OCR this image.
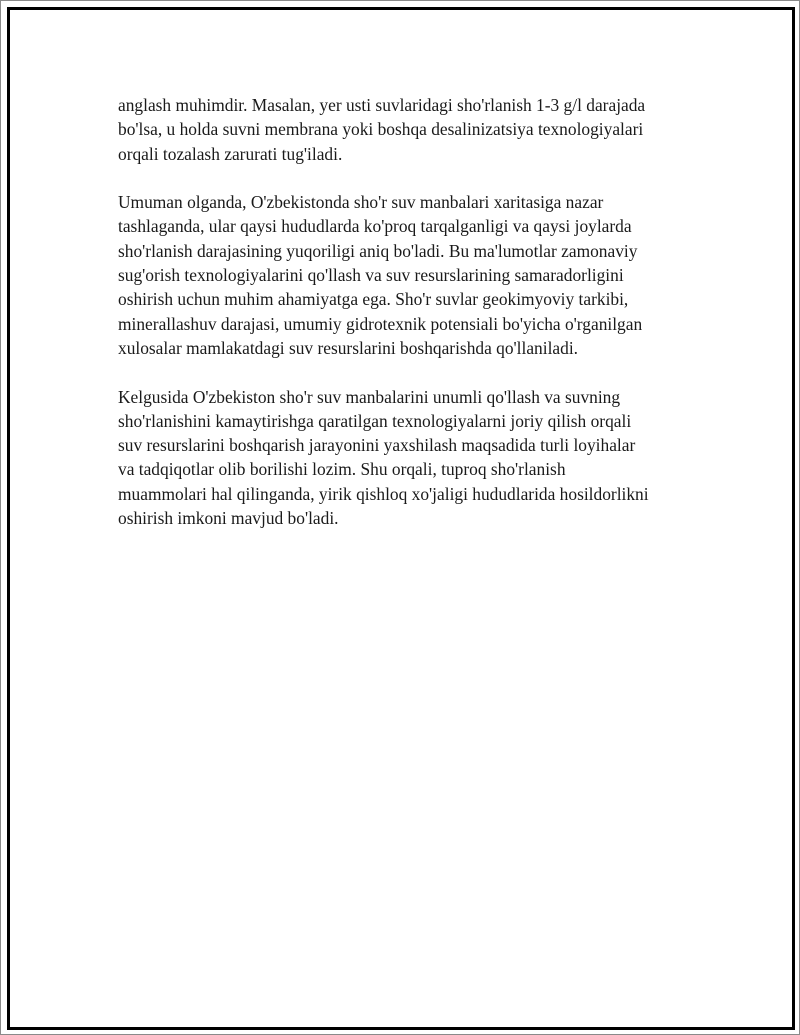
anglash muhimdir. Masalan, yer usti suvlaridagi sho'rlanish 1-3 g/l darajada
bo'lsa, u holda suvni membrana yoki boshqa desalinizatsiya texnologiyalari
orqali tozalash zarurati tug'iladi.

Umuman olganda, O'zbekistonda sho'r suv manbalari xaritasiga nazar
tashlaganda, ular qaysi hududlarda ko'proq tarqalganligi va qaysi joylarda
sho'rlanish darajasining yuqoriligi aniq bo'ladi. Bu ma'lumotlar zamonaviy
sug'orish texnologiyalarini qo'llash va suv resurslarining samaradorligini
oshirish uchun muhim ahamiyatga ega. Sho'r suvlar geokimyoviy tarkibi,
minerallashuv darajasi, umumiy gidrotexnik potensiali bo'yicha o'rganilgan
xulosalar mamlakatdagi suv resurslarini boshqarishda qo'llaniladi.

Kelgusida O'zbekiston sho'r suv manbalarini unumli qo'llash va suvning
sho'rlanishini kamaytirishga qaratilgan texnologiyalarni joriy qilish orqali
suv resurslarini boshqarish jarayonini yaxshilash maqsadida turli loyihalar
va tadqiqotlar olib borilishi lozim. Shu orqali, tuproq sho'rlanish
muammolari hal qilinganda, yirik qishloq xo'jaligi hududlarida hosildorlikni
oshirish imkoni mavjud bo'ladi.
